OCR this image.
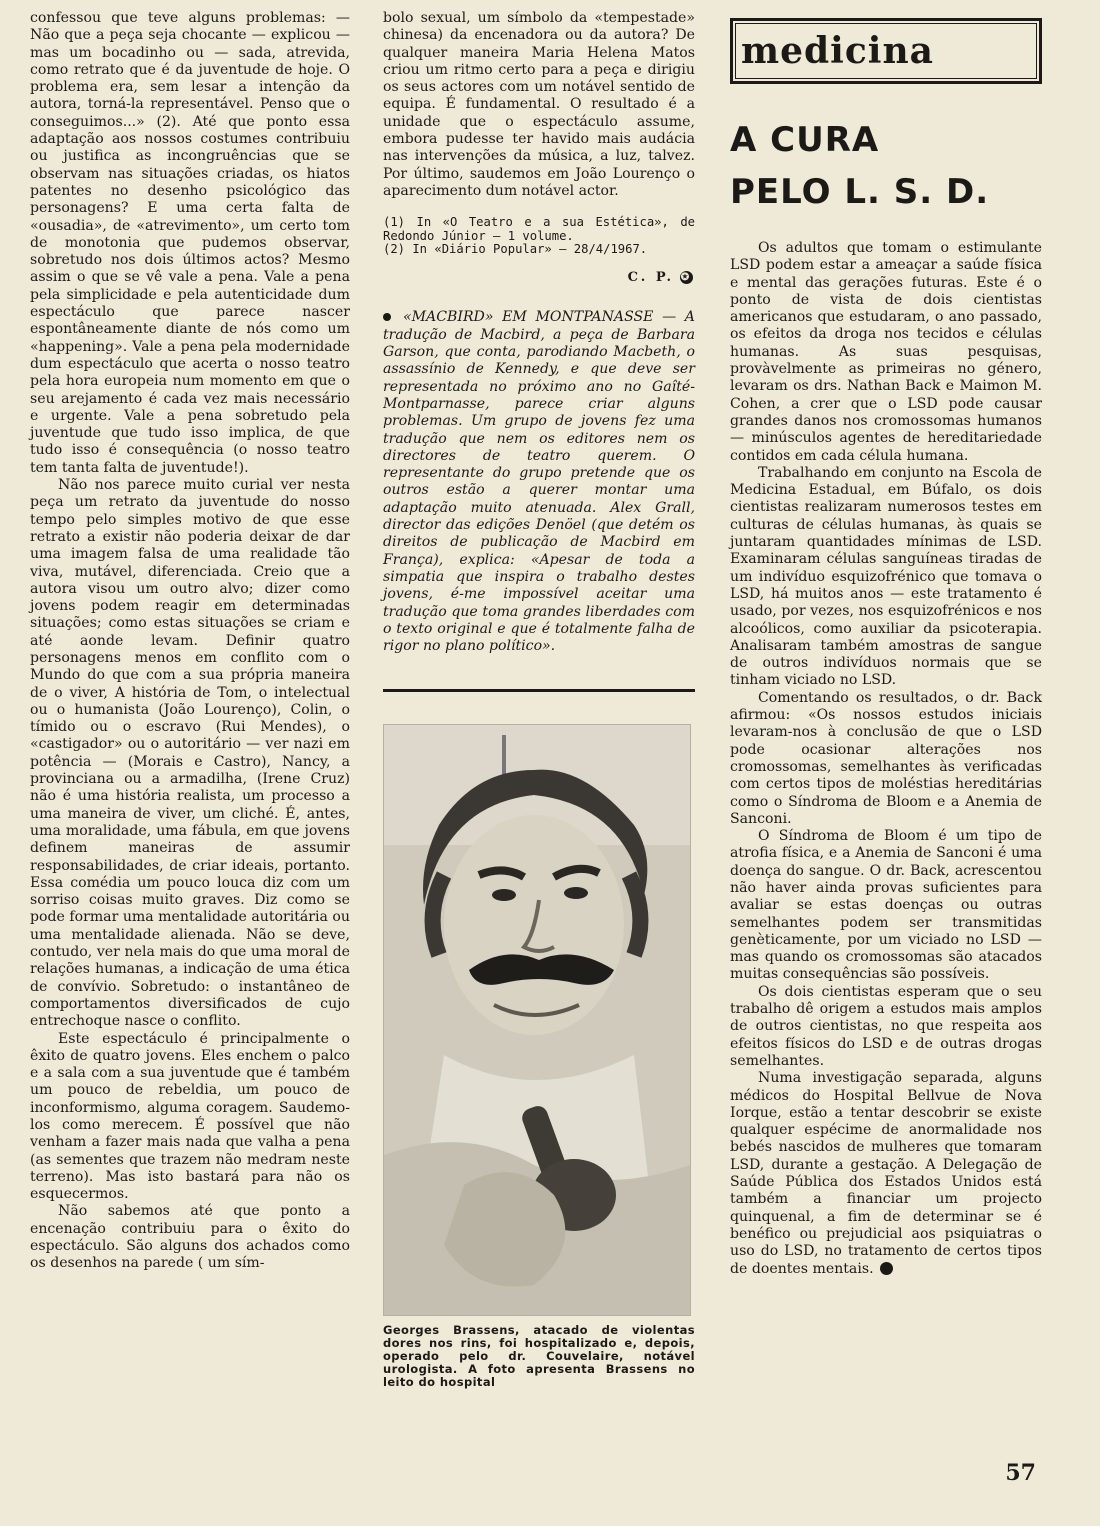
confessou que teve alguns problemas: — Não que a peça seja chocante — explicou — mas um bocadinho ou — sada, atrevida, como retrato que é da juventude de hoje. O problema era, sem lesar a intenção da autora, torná-la representável. Penso que o conseguimos...» (2). Até que ponto essa adaptação aos nossos costumes contribuiu ou justifica as incongruências que se observam nas situações criadas, os hiatos patentes no desenho psicológico das personagens? E uma certa falta de «ousadia», de «atrevimento», um certo tom de monotonia que pudemos observar, sobretudo nos dois últimos actos? Mesmo assim o que se vê vale a pena. Vale a pena pela simplicidade e pela autenticidade dum espectáculo que parece nascer espontâneamente diante de nós como um «happening». Vale a pena pela modernidade dum espectáculo que acerta o nosso teatro pela hora europeia num momento em que o seu arejamento é cada vez mais necessário e urgente. Vale a pena sobretudo pela juventude que tudo isso implica, de que tudo isso é consequência (o nosso teatro tem tanta falta de juventude!).

Não nos parece muito curial ver nesta peça um retrato da juventude do nosso tempo pelo simples motivo de que esse retrato a existir não poderia deixar de dar uma imagem falsa de uma realidade tão viva, mutável, diferenciada. Creio que a autora visou um outro alvo; dizer como jovens podem reagir em determinadas situações; como estas situações se criam e até aonde levam. Definir quatro personagens menos em conflito com o Mundo do que com a sua própria maneira de o viver, A história de Tom, o intelectual ou o humanista (João Lourenço), Colin, o tímido ou o escravo (Rui Mendes), o «castigador» ou o autoritário — ver nazi em potência — (Morais e Castro), Nancy, a provinciana ou a armadilha, (Irene Cruz) não é uma história realista, um processo a uma maneira de viver, um cliché. É, antes, uma moralidade, uma fábula, em que jovens definem maneiras de assumir responsabilidades, de criar ideais, portanto. Essa comédia um pouco louca diz com um sorriso coisas muito graves. Diz como se pode formar uma mentalidade autoritária ou uma mentalidade alienada. Não se deve, contudo, ver nela mais do que uma moral de relações humanas, a indicação de uma ética de convívio. Sobretudo: o instantâneo de comportamentos diversificados de cujo entrechoque nasce o conflito.

Este espectáculo é principalmente o êxito de quatro jovens. Eles enchem o palco e a sala com a sua juventude que é também um pouco de rebeldia, um pouco de inconformismo, alguma coragem. Saudemo-los como merecem. É possível que não venham a fazer mais nada que valha a pena (as sementes que trazem não medram neste terreno). Mas isto bastará para não os esquecermos.

Não sabemos até que ponto a encenação contribuiu para o êxito do espectáculo. São alguns dos achados como os desenhos na parede ( um sím-

bolo sexual, um símbolo da «tempestade» chinesa) da encenadora ou da autora? De qualquer maneira Maria Helena Matos criou um ritmo certo para a peça e dirigiu os seus actores com um notável sentido de equipa. É fundamental. O resultado é a unidade que o espectáculo assume, embora pudesse ter havido mais audácia nas intervenções da música, a luz, talvez. Por último, saudemos em João Lourenço o aparecimento dum notável actor.

(1) In «O Teatro e a sua Estética», de Redondo Júnior — 1 volume.

(2) In «Diário Popular» — 28/4/1967.

C. P. ✪

«MACBIRD» EM MONTPANASSE — A tradução de Macbird, a peça de Barbara Garson, que conta, parodiando Macbeth, o assassínio de Kennedy, e que deve ser representada no próximo ano no Gaîté-Montparnasse, parece criar alguns problemas. Um grupo de jovens fez uma tradução que nem os editores nem os directores de teatro querem. O representante do grupo pretende que os outros estão a querer montar uma adaptação muito atenuada. Alex Grall, director das edições Denöel (que detém os direitos de publicação de Macbird em França), explica: «Apesar de toda a simpatia que inspira o trabalho destes jovens, é-me impossível aceitar uma tradução que toma grandes liberdades com o texto original e que é totalmente falha de rigor no plano político».

Georges Brassens, atacado de violentas dores nos rins, foi hospitalizado e, depois, operado pelo dr. Couvelaire, notável urologista. A foto apresenta Brassens no leito do hospital

medicina
A CURA
PELO L. S. D.

Os adultos que tomam o estimulante LSD podem estar a ameaçar a saúde física e mental das gerações futuras. Este é o ponto de vista de dois cientistas americanos que estudaram, o ano passado, os efeitos da droga nos tecidos e células humanas. As suas pesquisas, provàvelmente as primeiras no género, levaram os drs. Nathan Back e Maimon M. Cohen, a crer que o LSD pode causar grandes danos nos cromossomas humanos — minúsculos agentes de hereditariedade contidos em cada célula humana.

Trabalhando em conjunto na Escola de Medicina Estadual, em Búfalo, os dois cientistas realizaram numerosos testes em culturas de células humanas, às quais se juntaram quantidades mínimas de LSD. Examinaram células sanguíneas tiradas de um indivíduo esquizofrénico que tomava o LSD, há muitos anos — este tratamento é usado, por vezes, nos esquizofrénicos e nos alcoólicos, como auxiliar da psicoterapia. Analisaram também amostras de sangue de outros indivíduos normais que se tinham viciado no LSD.

Comentando os resultados, o dr. Back afirmou: «Os nossos estudos iniciais levaram-nos à conclusão de que o LSD pode ocasionar alterações nos cromossomas, semelhantes às verificadas com certos tipos de moléstias hereditárias como o Síndroma de Bloom e a Anemia de Sanconi.

O Síndroma de Bloom é um tipo de atrofia física, e a Anemia de Sanconi é uma doença do sangue. O dr. Back, acrescentou não haver ainda provas suficientes para avaliar se estas doenças ou outras semelhantes podem ser transmitidas genèticamente, por um viciado no LSD — mas quando os cromossomas são atacados muitas consequências são possíveis.

Os dois cientistas esperam que o seu trabalho dê origem a estudos mais amplos de outros cientistas, no que respeita aos efeitos físicos do LSD e de outras drogas semelhantes.

Numa investigação separada, alguns médicos do Hospital Bellvue de Nova Iorque, estão a tentar descobrir se existe qualquer espécime de anormalidade nos bebés nascidos de mulheres que tomaram LSD, durante a gestação. A Delegação de Saúde Pública dos Estados Unidos está também a financiar um projecto quinquenal, a fim de determinar se é benéfico ou prejudicial aos psiquiatras o uso do LSD, no tratamento de certos tipos de doentes mentais.	✪

57
